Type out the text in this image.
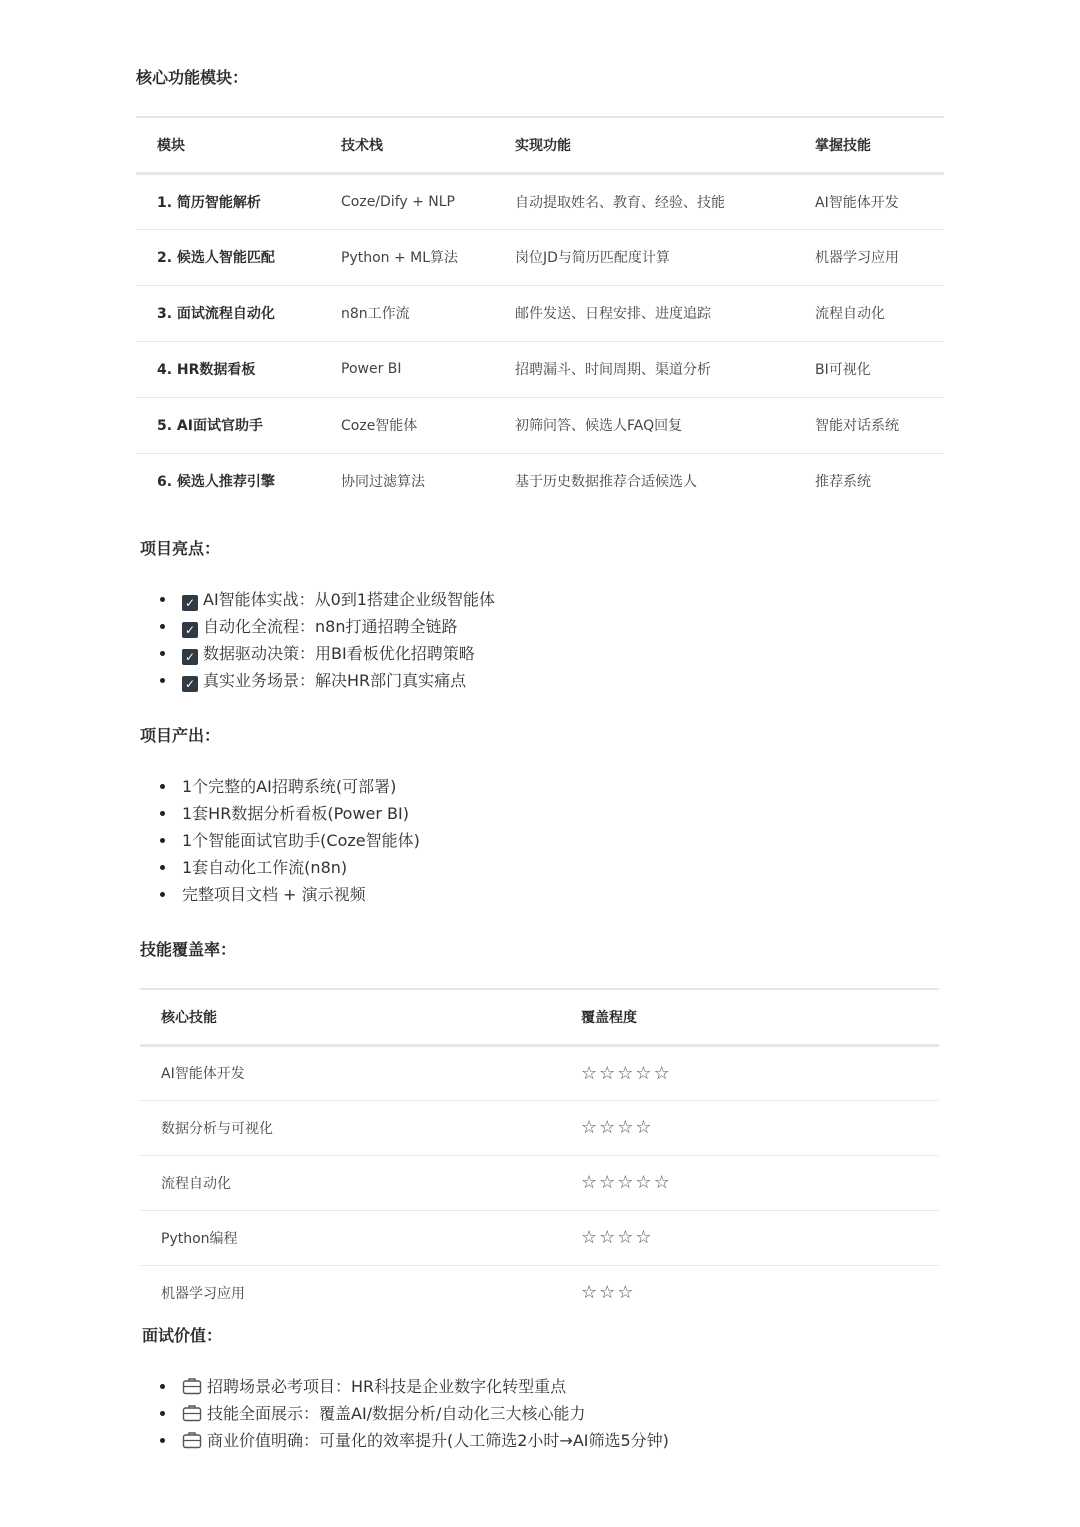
核心功能模块：
模块	技术栈	实现功能	掌握技能
1. 简历智能解析	Coze/Dify + NLP	自动提取姓名、教育、经验、技能	AI智能体开发
2. 候选人智能匹配	Python + ML算法	岗位JD与简历匹配度计算	机器学习应用
3. 面试流程自动化	n8n工作流	邮件发送、日程安排、进度追踪	流程自动化
4. HR数据看板	Power BI	招聘漏斗、时间周期、渠道分析	BI可视化
5. AI面试官助手	Coze智能体	初筛问答、候选人FAQ回复	智能对话系统
6. 候选人推荐引擎	协同过滤算法	基于历史数据推荐合适候选人	推荐系统
项目亮点：
✓ AI智能体实战：从0到1搭建企业级智能体
✓ 自动化全流程：n8n打通招聘全链路
✓ 数据驱动决策：用BI看板优化招聘策略
✓ 真实业务场景：解决HR部门真实痛点
项目产出：
1个完整的AI招聘系统(可部署)
1套HR数据分析看板(Power BI)
1个智能面试官助手(Coze智能体)
1套自动化工作流(n8n)
完整项目文档 + 演示视频
技能覆盖率：
核心技能	覆盖程度
AI智能体开发	☆☆☆☆☆
数据分析与可视化	☆☆☆☆
流程自动化	☆☆☆☆☆
Python编程	☆☆☆☆
机器学习应用	☆☆☆
面试价值：
招聘场景必考项目：HR科技是企业数字化转型重点
技能全面展示：覆盖AI/数据分析/自动化三大核心能力
商业价值明确：可量化的效率提升(人工筛选2小时→AI筛选5分钟)
